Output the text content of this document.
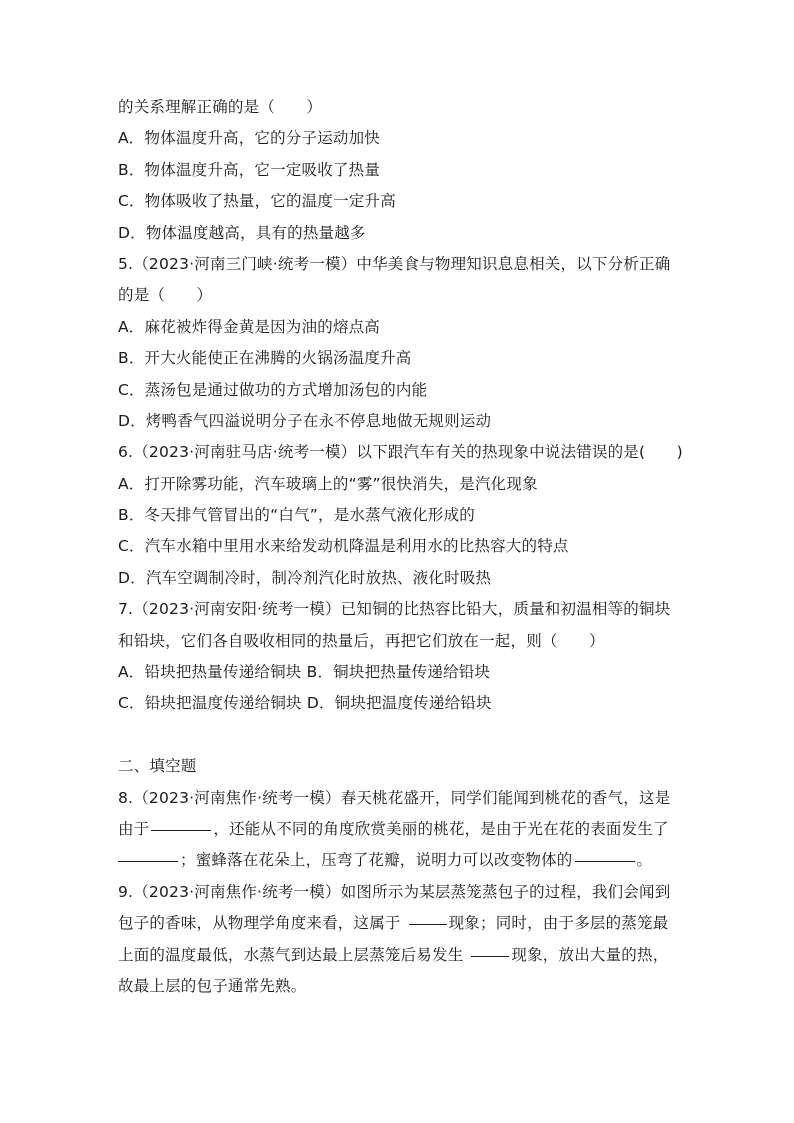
的关系理解正确的是（　　）
A．物体温度升高，它的分子运动加快
B．物体温度升高，它一定吸收了热量
C．物体吸收了热量，它的温度一定升高
D．物体温度越高，具有的热量越多
5.（2023·河南三门峡·统考一模）中华美食与物理知识息息相关，以下分析正确
的是（　　）
A．麻花被炸得金黄是因为油的熔点高
B．开大火能使正在沸腾的火锅汤温度升高
C．蒸汤包是通过做功的方式增加汤包的内能
D．烤鸭香气四溢说明分子在永不停息地做无规则运动
6.（2023·河南驻马店·统考一模）以下跟汽车有关的热现象中说法错误的是(　　)
A．打开除雾功能，汽车玻璃上的“雾”很快消失，是汽化现象
B．冬天排气管冒出的“白气”，是水蒸气液化形成的
C．汽车水箱中里用水来给发动机降温是利用水的比热容大的特点
D．汽车空调制冷时，制冷剂汽化时放热、液化时吸热
7.（2023·河南安阳·统考一模）已知铜的比热容比铅大，质量和初温相等的铜块
和铅块，它们各自吸收相同的热量后，再把它们放在一起，则（　　）
A．铅块把热量传递给铜块 B．铜块把热量传递给铅块
C．铅块把温度传递给铜块 D．铜块把温度传递给铅块
二、填空题
8.（2023·河南焦作·统考一模）春天桃花盛开，同学们能闻到桃花的香气，这是
由于	，还能从不同的角度欣赏美丽的桃花，是由于光在花的表面发生了
；蜜蜂落在花朵上，压弯了花瓣，说明力可以改变物体的	。
9.（2023·河南焦作·统考一模）如图所示为某层蒸笼蒸包子的过程，我们会闻到
包子的香味，从物理学角度来看，这属于	现象；同时，由于多层的蒸笼最
上面的温度最低，水蒸气到达最上层蒸笼后易发生	现象，放出大量的热，
故最上层的包子通常先熟。
